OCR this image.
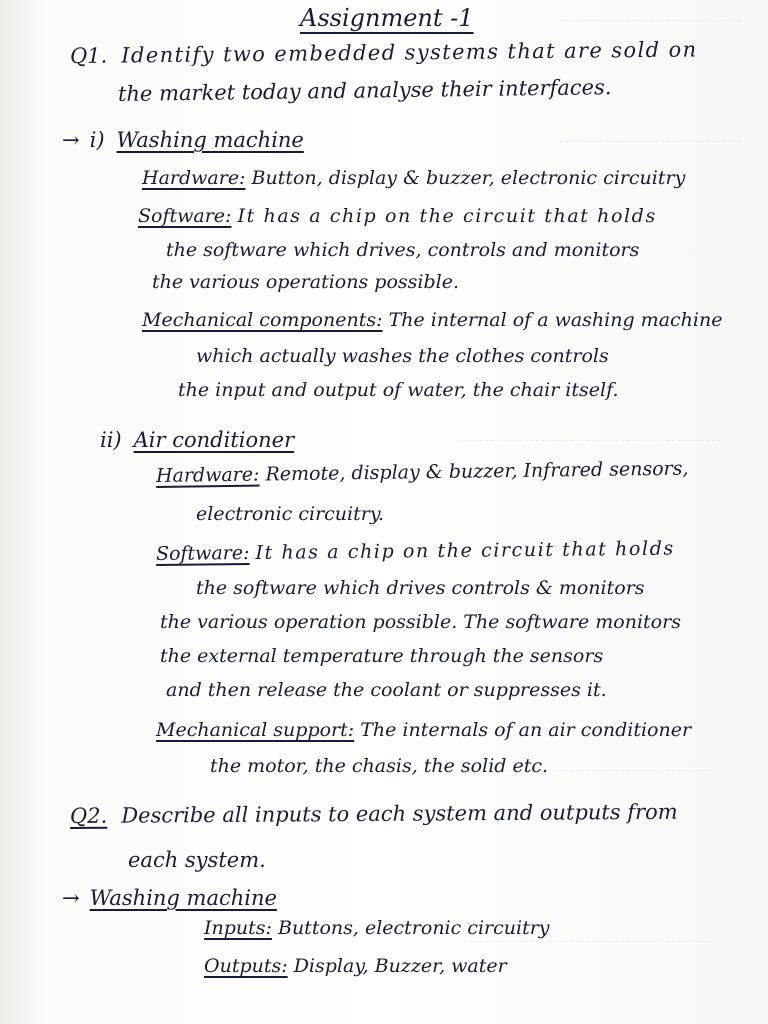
Assignment -1
Q1. Identify two embedded systems that are sold on
the market today and analyse their interfaces.
→ i) Washing machine
Hardware: Button, display & buzzer, electronic circuitry
Software: It has a chip on the circuit that holds
the software which drives, controls and monitors
the various operations possible.
Mechanical components: The internal of a washing machine
which actually washes the clothes controls
the input and output of water, the chair itself.
ii) Air conditioner
Hardware: Remote, display & buzzer, Infrared sensors,
electronic circuitry.
Software: It has a chip on the circuit that holds
the software which drives controls & monitors
the various operation possible. The software monitors
the external temperature through the sensors
and then release the coolant or suppresses it.
Mechanical support: The internals of an air conditioner
the motor, the chasis, the solid etc.
Q2. Describe all inputs to each system and outputs from
each system.
→ Washing machine
Inputs: Buttons, electronic circuitry
Outputs: Display, Buzzer, water
